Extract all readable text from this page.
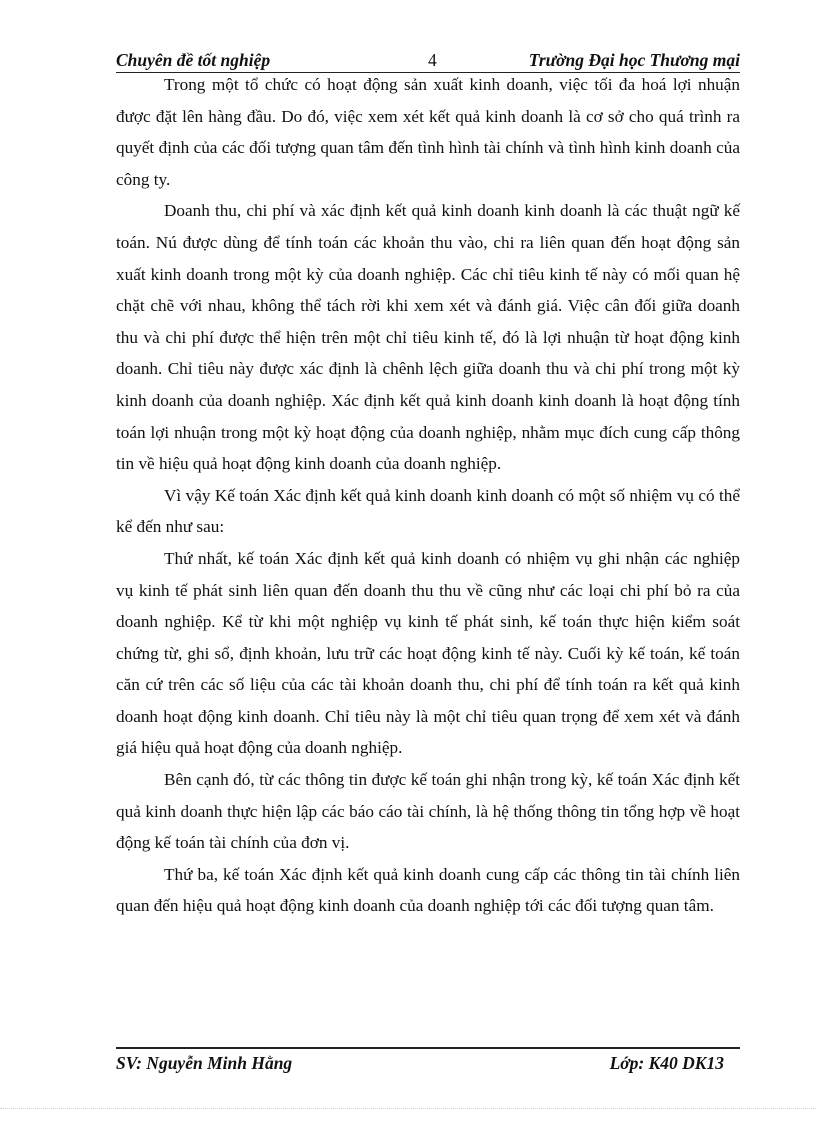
Chuyên đề tốt nghiệp	4	Trường Đại học Thương mại

Trong một tổ chức có hoạt động sản xuất kinh doanh, việc tối đa hoá lợi nhuận được đặt lên hàng đầu. Do đó, việc xem xét kết quả kinh doanh là cơ sở cho quá trình ra quyết định của các đối tượng quan tâm đến tình hình tài chính và tình hình kinh doanh của công ty.

Doanh thu, chi phí và xác định kết quả kinh doanh kinh doanh là các thuật ngữ kế toán. Nú được dùng để tính toán các khoản thu vào, chi ra liên quan đến hoạt động sản xuất kinh doanh trong một kỳ của doanh nghiệp. Các chỉ tiêu kinh tế này có mối quan hệ chặt chẽ với nhau, không thể tách rời khi xem xét và đánh giá. Việc cân đối giữa doanh thu và chi phí được thể hiện trên một chỉ tiêu kinh tế, đó là lợi nhuận từ hoạt động kinh doanh. Chỉ tiêu này được xác định là chênh lệch giữa doanh thu và chi phí trong một kỳ kinh doanh của doanh nghiệp. Xác định kết quả kinh doanh kinh doanh là hoạt động tính toán lợi nhuận trong một kỳ hoạt động của doanh nghiệp, nhằm mục đích cung cấp thông tin về hiệu quả hoạt động kinh doanh của doanh nghiệp.

Vì vậy Kế toán Xác định kết quả kinh doanh kinh doanh có một số nhiệm vụ có thể kể đến như sau:

Thứ nhất, kế toán Xác định kết quả kinh doanh có nhiệm vụ ghi nhận các nghiệp vụ kinh tế phát sinh liên quan đến doanh thu thu về cũng như các loại chi phí bỏ ra của doanh nghiệp. Kể từ khi một nghiệp vụ kinh tế phát sinh, kế toán thực hiện kiểm soát chứng từ, ghi sổ, định khoản, lưu trữ các hoạt động kinh tế này. Cuối kỳ kế toán, kế toán căn cứ trên các số liệu của các tài khoản doanh thu, chi phí để tính toán ra kết quả kinh doanh hoạt động kinh doanh. Chỉ tiêu này là một chỉ tiêu quan trọng để xem xét và đánh giá hiệu quả hoạt động của doanh nghiệp.

Bên cạnh đó, từ các thông tin được kế toán ghi nhận trong kỳ, kế toán Xác định kết quả kinh doanh thực hiện lập các báo cáo tài chính, là hệ thống thông tin tổng hợp về hoạt động kế toán tài chính của đơn vị.

Thứ ba, kế toán Xác định kết quả kinh doanh cung cấp các thông tin tài chính liên quan đến hiệu quả hoạt động kinh doanh của doanh nghiệp tới các đối tượng quan tâm.

SV: Nguyễn Minh Hằng	Lớp: K40 DK13
